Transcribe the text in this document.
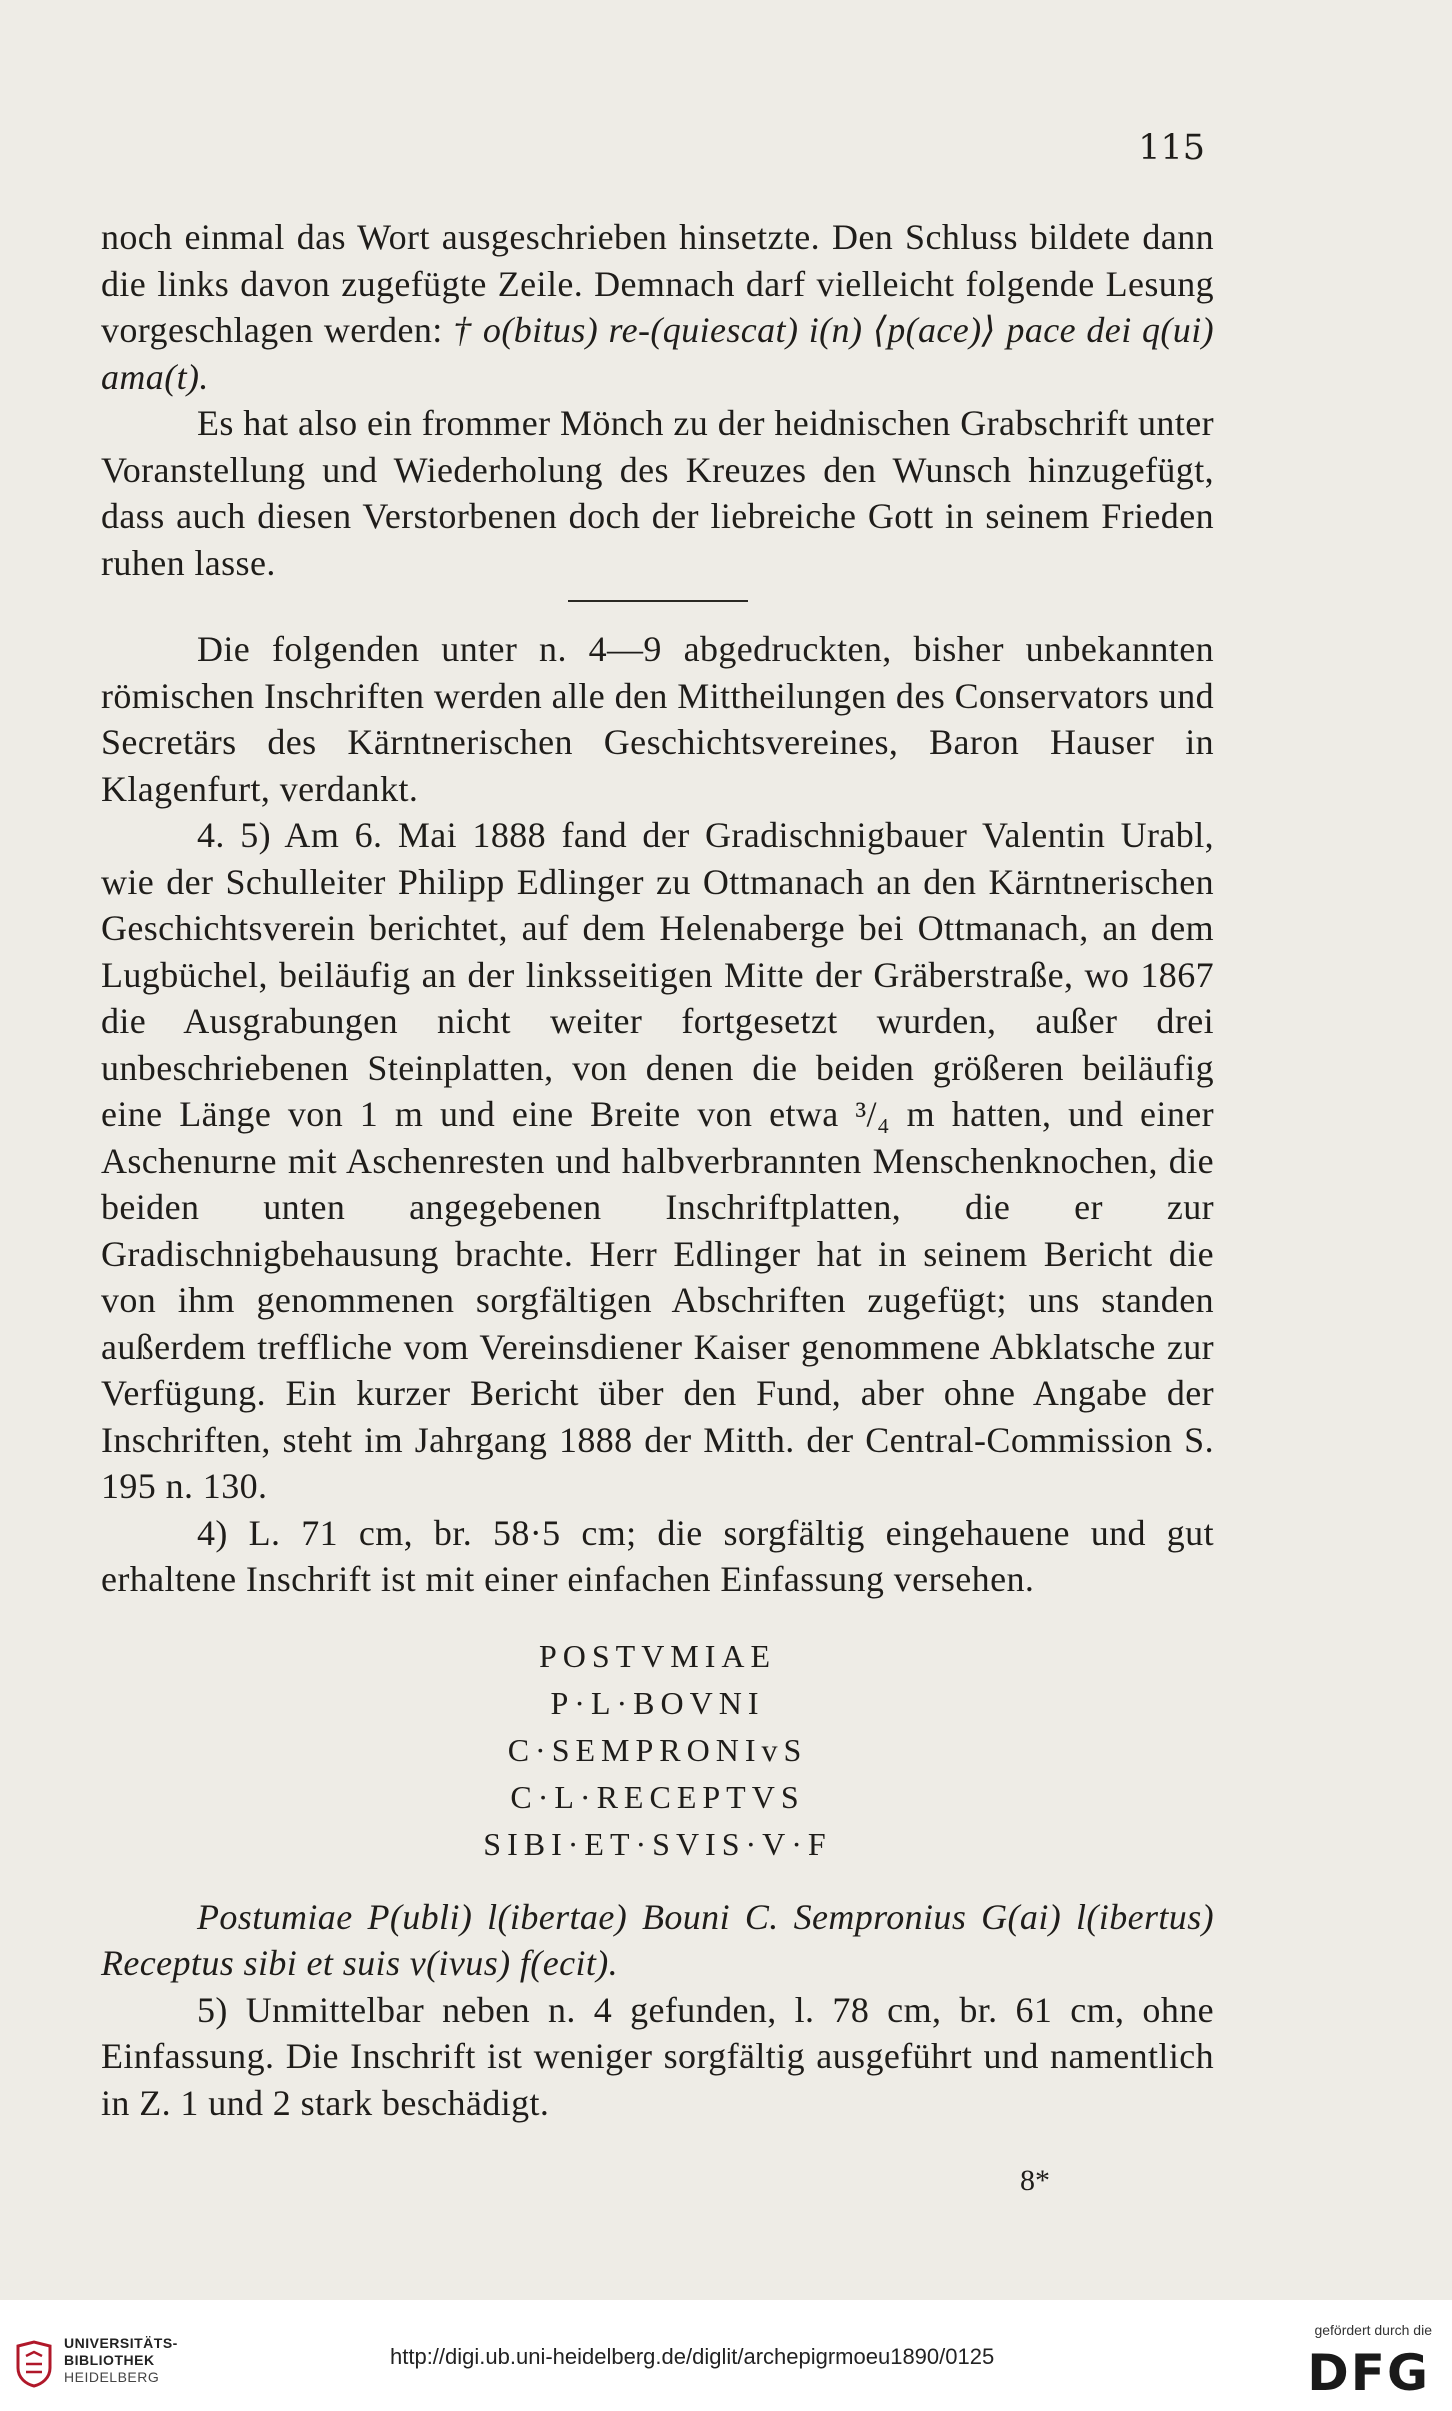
115

noch einmal das Wort ausgeschrieben hinsetzte. Den Schluss bildete dann die links davon zugefügte Zeile. Demnach darf vielleicht folgende Lesung vorgeschlagen werden: † o(bitus) re-(quiescat) i(n) ⟨p(ace)⟩ pace dei q(ui) ama(t).

Es hat also ein frommer Mönch zu der heidnischen Grabschrift unter Voranstellung und Wiederholung des Kreuzes den Wunsch hinzugefügt, dass auch diesen Verstorbenen doch der liebreiche Gott in seinem Frieden ruhen lasse.

Die folgenden unter n. 4—9 abgedruckten, bisher unbekannten römischen Inschriften werden alle den Mittheilungen des Conservators und Secretärs des Kärntnerischen Geschichtsvereines, Baron Hauser in Klagenfurt, verdankt.

4. 5) Am 6. Mai 1888 fand der Gradischnigbauer Valentin Urabl, wie der Schulleiter Philipp Edlinger zu Ottmanach an den Kärntnerischen Geschichtsverein berichtet, auf dem Helenaberge bei Ottmanach, an dem Lugbüchel, beiläufig an der linksseitigen Mitte der Gräberstraße, wo 1867 die Ausgrabungen nicht weiter fortgesetzt wurden, außer drei unbeschriebenen Steinplatten, von denen die beiden größeren beiläufig eine Länge von 1 m und eine Breite von etwa ³/₄ m hatten, und einer Aschenurne mit Aschenresten und halbverbrannten Menschenknochen, die beiden unten angegebenen Inschriftplatten, die er zur Gradischnigbehausung brachte. Herr Edlinger hat in seinem Bericht die von ihm genommenen sorgfältigen Abschriften zugefügt; uns standen außerdem treffliche vom Vereinsdiener Kaiser genommene Abklatsche zur Verfügung. Ein kurzer Bericht über den Fund, aber ohne Angabe der Inschriften, steht im Jahrgang 1888 der Mitth. der Central-Commission S. 195 n. 130.

4) L. 71 cm, br. 58·5 cm; die sorgfältig eingehauene und gut erhaltene Inschrift ist mit einer einfachen Einfassung versehen.

POSTVMIAE
P·L·BOVNI
C·SEMPRONIvS
C·L·RECEPTVS
SIBI·ET·SVIS·V·F

Postumiae P(ubli) l(ibertae) Bouni C. Sempronius G(ai) l(ibertus) Receptus sibi et suis v(ivus) f(ecit).

5) Unmittelbar neben n. 4 gefunden, l. 78 cm, br. 61 cm, ohne Einfassung. Die Inschrift ist weniger sorgfältig ausgeführt und namentlich in Z. 1 und 2 stark beschädigt.

8*
UNIVERSITÄTS-
BIBLIOTHEK
HEIDELBERG
http://digi.ub.uni-heidelberg.de/diglit/archepigrmoeu1890/0125
gefördert durch die
DFG
